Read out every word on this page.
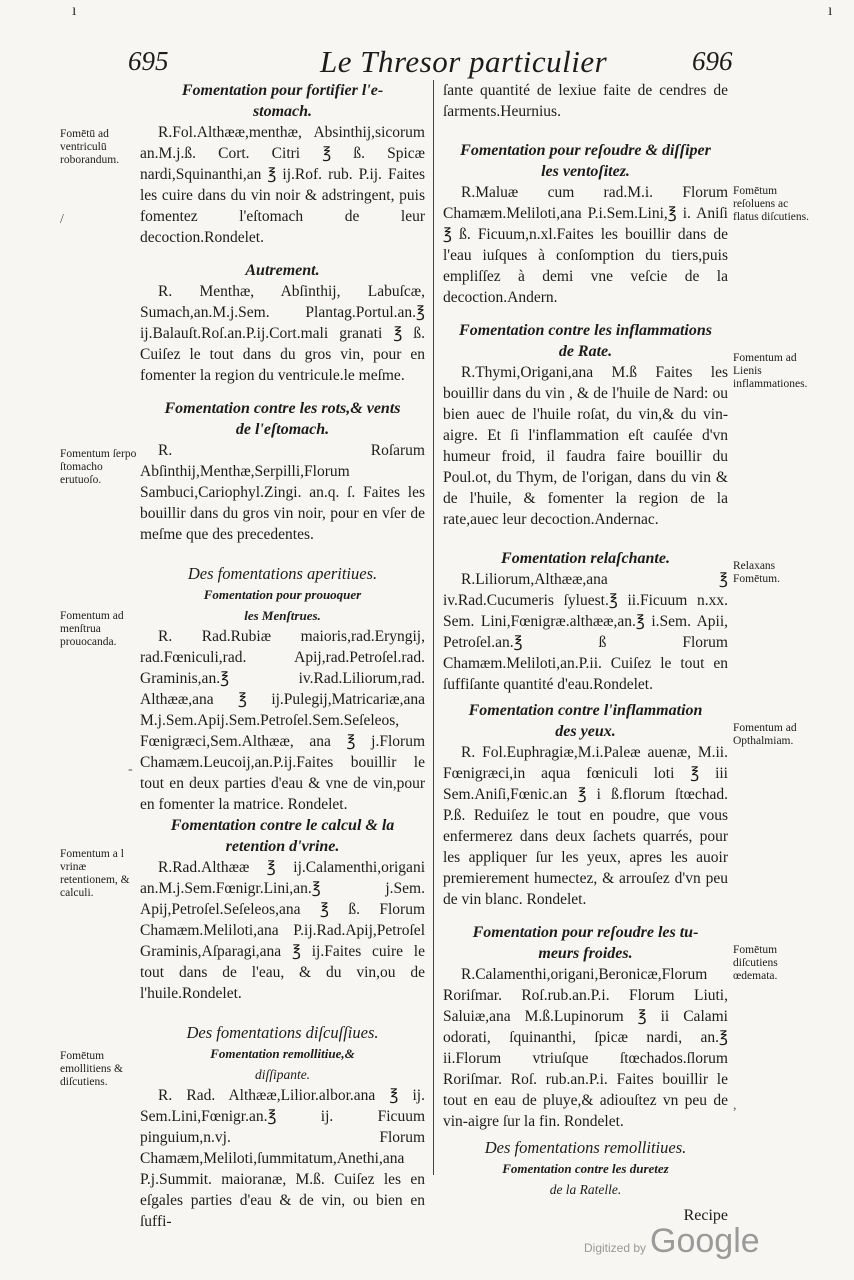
695	Le Thresor particulier	696
ı	ı

Fomentation pour fortifier l'e-

stomach.

R.Fol.Althææ,menthæ, Absinthij,sicorum an.M.j.ß. Cort. Citri ℥ ß. Spicæ nardi,Squinanthi,an ℥ ij.Rof. rub. P.ij. Faites les cuire dans du vin noir & adstringent, puis fomentez l'eſtomach de leur decoction.Rondelet.

Autrement.

R. Menthæ, Abſinthij, Labuſcæ, Sumach,an.M.j.Sem. Plantag.Portul.an.℥ ij.Balauſt.Roſ.an.P.ij.Cort.mali granati ℥ ß. Cuiſez le tout dans du gros vin, pour en fomenter la region du ventricule.le meſme.

Fomentation contre les rots,& vents

de l'eſtomach.

R. Roſarum Abſinthij,Menthæ,Serpilli,Florum Sambuci,Cariophyl.Zingi. an.q. ſ. Faites les bouillir dans du gros vin noir, pour en vſer de meſme que des precedentes.

Des fomentations aperitiues.

Fomentation pour prouoquer

les Menſtrues.

R. Rad.Rubiæ maioris,rad.Eryngij, rad.Fœniculi,rad. Apij,rad.Petroſel.rad. Graminis,an.℥ iv.Rad.Liliorum,rad. Althææ,ana ℥ ij.Pulegij,Matricariæ,ana M.j.Sem.Apij.Sem.Petroſel.Sem.Seſeleos, Fœnigræci,Sem.Althææ, ana ℥ j.Florum Chamæm.Leucoij,an.P.ij.Faites bouillir le tout en deux parties d'eau & vne de vin,pour en fomenter la matrice. Rondelet.

Fomentation contre le calcul & la

retention d'vrine.

R.Rad.Althææ ℥ ij.Calamenthi,origani an.M.j.Sem.Fœnigr.Lini,an.℥ j.Sem. Apij,Petroſel.Seſeleos,ana ℥ ß. Florum Chamæm.Meliloti,ana P.ij.Rad.Apij,Petroſel Graminis,Aſparagi,ana ℥ ij.Faites cuire le tout dans de l'eau, & du vin,ou de l'huile.Rondelet.

Des fomentations diſcuſſiues.

Fomentation remollitiue,&

diſſipante.

R. Rad. Althææ,Lilior.albor.ana ℥ ij. Sem.Lini,Fœnigr.an.℥ ij. Ficuum pinguium,n.vj. Florum Chamæm,Meliloti,ſummitatum,Anethi,ana P.j.Summit. maioranæ, M.ß. Cuiſez les en eſgales parties d'eau & de vin, ou bien en ſuffi-

ſante quantité de lexiue faite de cendres de ſarments.Heurnius.

Fomentation pour reſoudre & diſſiper

les ventoſitez.

R.Maluæ cum rad.M.i. Florum Chamæm.Meliloti,ana P.i.Sem.Lini,℥ i. Aniſi ℥ ß. Ficuum,n.xl.Faites les bouillir dans de l'eau iuſques à conſomption du tiers,puis empliſſez à demi vne veſcie de la decoction.Andern.

Fomentation contre les inflammations

de Rate.

R.Thymi,Origani,ana M.ß Faites les bouillir dans du vin , & de l'huile de Nard: ou bien auec de l'huile roſat, du vin,& du vin-aigre. Et ſi l'inflammation eſt cauſée d'vn humeur froid, il faudra faire bouillir du Poul.ot, du Thym, de l'origan, dans du vin & de l'huile, & fomenter la region de la rate,auec leur decoction.Andernac.

Fomentation relaſchante.

R.Liliorum,Althææ,ana ℥ iv.Rad.Cucumeris ſyluest.℥ ii.Ficuum n.xx. Sem. Lini,Fœnigræ.althææ,an.℥ i.Sem. Apii, Petroſel.an.℥ ß Florum Chamæm.Meliloti,an.P.ii. Cuiſez le tout en ſuffiſante quantité d'eau.Rondelet.

Fomentation contre l'inflammation

des yeux.

R. Fol.Euphragiæ,M.i.Paleæ auenæ, M.ii. Fœnigræci,in aqua fœniculi loti ℥ iii Sem.Aniſi,Fœnic.an ℥ i ß.florum ſtœchad. P.ß. Reduiſez le tout en poudre, que vous enfermerez dans deux ſachets quarrés, pour les appliquer ſur les yeux, apres les auoir premierement humectez, & arrouſez d'vn peu de vin blanc. Rondelet.

Fomentation pour reſoudre les tu-

meurs froides.

R.Calamenthi,origani,Beronicæ,Florum Roriſmar. Roſ.rub.an.P.i. Florum Liuti, Saluiæ,ana M.ß.Lupinorum ℥ ii Calami odorati, ſquinanthi, ſpicæ nardi, an.℥ ii.Florum vtriuſque ſtœchados.ſlorum Roriſmar. Roſ. rub.an.P.i. Faites bouillir le tout en eau de pluye,& adiouſtez vn peu de vin-aigre ſur la fin. Rondelet.

Des fomentations remollitiues.

Fomentation contre les duretez

de la Ratelle.

Recipe

Fomētū ad ventriculū roborandum.
Fomentum ſerpo ſtomacho erutuoſo.
Fomentum ad menſtrua prouocanda.
Fomentum a l vrinæ retentionem, & calculi.
Fomētum emollitiens & diſcutiens.
Fomētum reſoluens ac flatus diſcutiens.
Fomentum ad Lienis inflammationes.
Relaxans Fomētum.
Fomentum ad Opthalmiam.
Fomētum diſcutiens œdemata.
/
-
,
Digitized by Google
